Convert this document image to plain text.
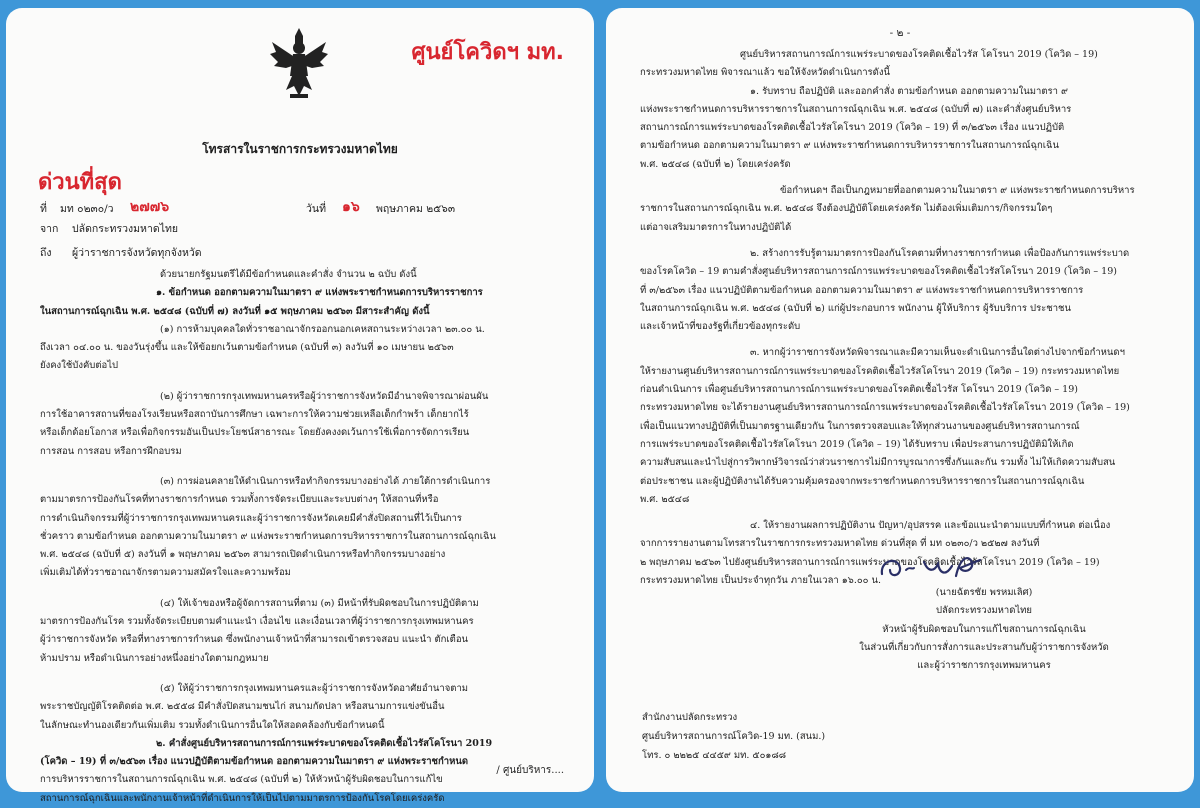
ศูนย์โควิดฯ มท.
โทรสารในราชการกระทรวงมหาดไทย
ด่วนที่สุด
ที่ มท ๐๒๓๐/ว ๒๗๗๖	วันที่ ๑๖ พฤษภาคม ๒๕๖๓
จาก ปลัดกระทรวงมหาดไทย
ถึง ผู้ว่าราชการจังหวัดทุกจังหวัด
ด้วยนายกรัฐมนตรีได้มีข้อกำหนดและคำสั่ง จำนวน ๒ ฉบับ ดังนี้
๑. ข้อกำหนด ออกตามความในมาตรา ๙ แห่งพระราชกำหนดการบริหารราชการ
ในสถานการณ์ฉุกเฉิน พ.ศ. ๒๕๔๘ (ฉบับที่ ๗) ลงวันที่ ๑๕ พฤษภาคม ๒๕๖๓ มีสาระสำคัญ ดังนี้
(๑) การห้ามบุคคลใดทั่วราชอาณาจักรออกนอกเคหสถานระหว่างเวลา ๒๓.๐๐ น.
ถึงเวลา ๐๔.๐๐ น. ของวันรุ่งขึ้น และให้ข้อยกเว้นตามข้อกำหนด (ฉบับที่ ๓) ลงวันที่ ๑๐ เมษายน ๒๕๖๓
ยังคงใช้บังคับต่อไป
(๒) ผู้ว่าราชการกรุงเทพมหานครหรือผู้ว่าราชการจังหวัดมีอำนาจพิจารณาผ่อนผัน
การใช้อาคารสถานที่ของโรงเรียนหรือสถาบันการศึกษา เฉพาะการให้ความช่วยเหลือเด็กกำพร้า เด็กยากไร้
หรือเด็กด้อยโอกาส หรือเพื่อกิจกรรมอันเป็นประโยชน์สาธารณะ โดยยังคงงดเว้นการใช้เพื่อการจัดการเรียน
การสอน การสอบ หรือการฝึกอบรม
(๓) การผ่อนคลายให้ดำเนินการหรือทำกิจกรรมบางอย่างได้ ภายใต้การดำเนินการ
ตามมาตรการป้องกันโรคที่ทางราชการกำหนด รวมทั้งการจัดระเบียบและระบบต่างๆ ให้สถานที่หรือ
การดำเนินกิจกรรมที่ผู้ว่าราชการกรุงเทพมหานครและผู้ว่าราชการจังหวัดเคยมีคำสั่งปิดสถานที่ไว้เป็นการ
ชั่วคราว ตามข้อกำหนด ออกตามความในมาตรา ๙ แห่งพระราชกำหนดการบริหารราชการในสถานการณ์ฉุกเฉิน
พ.ศ. ๒๕๔๘ (ฉบับที่ ๕) ลงวันที่ ๑ พฤษภาคม ๒๕๖๓ สามารถเปิดดำเนินการหรือทำกิจกรรมบางอย่าง
เพิ่มเติมได้ทั่วราชอาณาจักรตามความสมัครใจและความพร้อม
(๔) ให้เจ้าของหรือผู้จัดการสถานที่ตาม (๓) มีหน้าที่รับผิดชอบในการปฏิบัติตาม
มาตรการป้องกันโรค รวมทั้งจัดระเบียบตามคำแนะนำ เงื่อนไข และเงื่อนเวลาที่ผู้ว่าราชการกรุงเทพมหานคร
ผู้ว่าราชการจังหวัด หรือที่ทางราชการกำหนด ซึ่งพนักงานเจ้าหน้าที่สามารถเข้าตรวจสอบ แนะนำ ตักเตือน
ห้ามปราม หรือดำเนินการอย่างหนึ่งอย่างใดตามกฎหมาย
(๕) ให้ผู้ว่าราชการกรุงเทพมหานครและผู้ว่าราชการจังหวัดอาศัยอำนาจตาม
พระราชบัญญัติโรคติดต่อ พ.ศ. ๒๕๕๘ มีคำสั่งปิดสนามชนไก่ สนามกัดปลา หรือสนามการแข่งขันอื่น
ในลักษณะทำนองเดียวกันเพิ่มเติม รวมทั้งดำเนินการอื่นใดให้สอดคล้องกับข้อกำหนดนี้
๒. คำสั่งศูนย์บริหารสถานการณ์การแพร่ระบาดของโรคติดเชื้อไวรัสโคโรนา 2019
(โควิด – 19) ที่ ๓/๒๕๖๓ เรื่อง แนวปฏิบัติตามข้อกำหนด ออกตามความในมาตรา ๙ แห่งพระราชกำหนด
การบริหารราชการในสถานการณ์ฉุกเฉิน พ.ศ. ๒๕๔๘ (ฉบับที่ ๒) ให้หัวหน้าผู้รับผิดชอบในการแก้ไข
สถานการณ์ฉุกเฉินและพนักงานเจ้าหน้าที่ดำเนินการให้เป็นไปตามมาตรการป้องกันโรคโดยเคร่งครัด
/ ศูนย์บริหาร....
- ๒ -
ศูนย์บริหารสถานการณ์การแพร่ระบาดของโรคติดเชื้อไวรัส โคโรนา 2019 (โควิด – 19)
กระทรวงมหาดไทย พิจารณาแล้ว ขอให้จังหวัดดำเนินการดังนี้
๑. รับทราบ ถือปฏิบัติ และออกคำสั่ง ตามข้อกำหนด ออกตามความในมาตรา ๙
แห่งพระราชกำหนดการบริหารราชการในสถานการณ์ฉุกเฉิน พ.ศ. ๒๕๔๘ (ฉบับที่ ๗) และคำสั่งศูนย์บริหาร
สถานการณ์การแพร่ระบาดของโรคติดเชื้อไวรัสโคโรนา 2019 (โควิด – 19) ที่ ๓/๒๕๖๓ เรื่อง แนวปฏิบัติ
ตามข้อกำหนด ออกตามความในมาตรา ๙ แห่งพระราชกำหนดการบริหารราชการในสถานการณ์ฉุกเฉิน
พ.ศ. ๒๕๔๘ (ฉบับที่ ๒) โดยเคร่งครัด
ข้อกำหนดฯ ถือเป็นกฎหมายที่ออกตามความในมาตรา ๙ แห่งพระราชกำหนดการบริหาร
ราชการในสถานการณ์ฉุกเฉิน พ.ศ. ๒๕๔๘ จึงต้องปฏิบัติโดยเคร่งครัด ไม่ต้องเพิ่มเติมการ/กิจกรรมใดๆ
แต่อาจเสริมมาตรการในทางปฏิบัติได้
๒. สร้างการรับรู้ตามมาตรการป้องกันโรคตามที่ทางราชการกำหนด เพื่อป้องกันการแพร่ระบาด
ของโรคโควิด – 19 ตามคำสั่งศูนย์บริหารสถานการณ์การแพร่ระบาดของโรคติดเชื้อไวรัสโคโรนา 2019 (โควิด – 19)
ที่ ๓/๒๕๖๓ เรื่อง แนวปฏิบัติตามข้อกำหนด ออกตามความในมาตรา ๙ แห่งพระราชกำหนดการบริหารราชการ
ในสถานการณ์ฉุกเฉิน พ.ศ. ๒๕๔๘ (ฉบับที่ ๒) แก่ผู้ประกอบการ พนักงาน ผู้ให้บริการ ผู้รับบริการ ประชาชน
และเจ้าหน้าที่ของรัฐที่เกี่ยวข้องทุกระดับ
๓. หากผู้ว่าราชการจังหวัดพิจารณาและมีความเห็นจะดำเนินการอื่นใดต่างไปจากข้อกำหนดฯ
ให้รายงานศูนย์บริหารสถานการณ์การแพร่ระบาดของโรคติดเชื้อไวรัสโคโรนา 2019 (โควิด – 19) กระทรวงมหาดไทย
ก่อนดำเนินการ เพื่อศูนย์บริหารสถานการณ์การแพร่ระบาดของโรคติดเชื้อไวรัส โคโรนา 2019 (โควิด – 19)
กระทรวงมหาดไทย จะได้รายงานศูนย์บริหารสถานการณ์การแพร่ระบาดของโรคติดเชื้อไวรัสโคโรนา 2019 (โควิด – 19)
เพื่อเป็นแนวทางปฏิบัติที่เป็นมาตรฐานเดียวกัน ในการตรวจสอบและให้ทุกส่วนงานของศูนย์บริหารสถานการณ์
การแพร่ระบาดของโรคติดเชื้อไวรัสโคโรนา 2019 (โควิด – 19) ได้รับทราบ เพื่อประสานการปฏิบัติมิให้เกิด
ความสับสนและนำไปสู่การวิพากษ์วิจารณ์ว่าส่วนราชการไม่มีการบูรณาการซึ่งกันและกัน รวมทั้ง ไม่ให้เกิดความสับสน
ต่อประชาชน และผู้ปฏิบัติงานได้รับความคุ้มครองจากพระราชกำหนดการบริหารราชการในสถานการณ์ฉุกเฉิน
พ.ศ. ๒๕๔๘
๔. ให้รายงานผลการปฏิบัติงาน ปัญหา/อุปสรรค และข้อแนะนำตามแบบที่กำหนด ต่อเนื่อง
จากการรายงานตามโทรสารในราชการกระทรวงมหาดไทย ด่วนที่สุด ที่ มท ๐๒๓๐/ว ๒๕๒๗ ลงวันที่
๒ พฤษภาคม ๒๕๖๓ ไปยังศูนย์บริหารสถานการณ์การแพร่ระบาดของโรคติดเชื้อไวรัสโคโรนา 2019 (โควิด – 19)
กระทรวงมหาดไทย เป็นประจำทุกวัน ภายในเวลา ๑๖.๐๐ น.
(นายฉัตรชัย พรหมเลิศ)
ปลัดกระทรวงมหาดไทย
หัวหน้าผู้รับผิดชอบในการแก้ไขสถานการณ์ฉุกเฉิน
ในส่วนที่เกี่ยวกับการสั่งการและประสานกับผู้ว่าราชการจังหวัด
และผู้ว่าราชการกรุงเทพมหานคร
สำนักงานปลัดกระทรวง
ศูนย์บริหารสถานการณ์โควิด-19 มท. (สนม.)
โทร. ๐ ๒๒๒๕ ๔๔๕๙ มท. ๕๐๑๘๘
